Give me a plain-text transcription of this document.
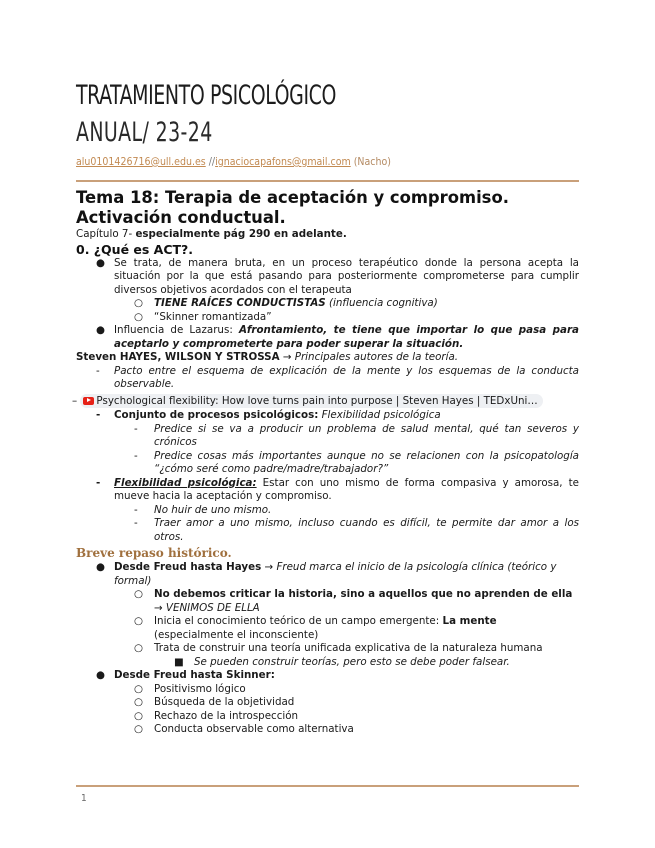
TRATAMIENTO PSICOLÓGICO
ANUAL/ 23-24
alu0101426716@ull.edu.es //ignaciocapafons@gmail.com (Nacho)
Tema 18: Terapia de aceptación y compromiso. Activación conductual.
Capítulo 7- especialmente pág 290 en adelante.
0. ¿Qué es ACT?.
● Se trata, de manera bruta, en un proceso terapéutico donde la persona acepta la situación por la que está pasando para posteriormente comprometerse para cumplir diversos objetivos acordados con el terapeuta
○ TIENE RAÍCES CONDUCTISTAS (influencia cognitiva)
○ “Skinner romantizada”
● Influencia de Lazarus: Afrontamiento, te tiene que importar lo que pasa para aceptarlo y comprometerte para poder superar la situación.
Steven HAYES, WILSON Y STROSSA → Principales autores de la teoría.
- Pacto entre el esquema de explicación de la mente y los esquemas de la conducta observable.
– Psychological flexibility: How love turns pain into purpose | Steven Hayes | TEDxUni…
- Conjunto de procesos psicológicos: Flexibilidad psicológica
- Predice si se va a producir un problema de salud mental, qué tan severos y crónicos
- Predice cosas más importantes aunque no se relacionen con la psicopatología “¿cómo seré como padre/madre/trabajador?”
- Flexibilidad psicológica: Estar con uno mismo de forma compasiva y amorosa, te mueve hacia la aceptación y compromiso.
- No huir de uno mismo.
- Traer amor a uno mismo, incluso cuando es difícil, te permite dar amor a los otros.
Breve repaso histórico.
● Desde Freud hasta Hayes → Freud marca el inicio de la psicología clínica (teórico y formal)
○ No debemos criticar la historia, sino a aquellos que no aprenden de ella
→ VENIMOS DE ELLA
○ Inicia el conocimiento teórico de un campo emergente: La mente
(especialmente el inconsciente)
○ Trata de construir una teoría unificada explicativa de la naturaleza humana
■ Se pueden construir teorías, pero esto se debe poder falsear.
● Desde Freud hasta Skinner:
○ Positivismo lógico
○ Búsqueda de la objetividad
○ Rechazo de la introspección
○ Conducta observable como alternativa
1
